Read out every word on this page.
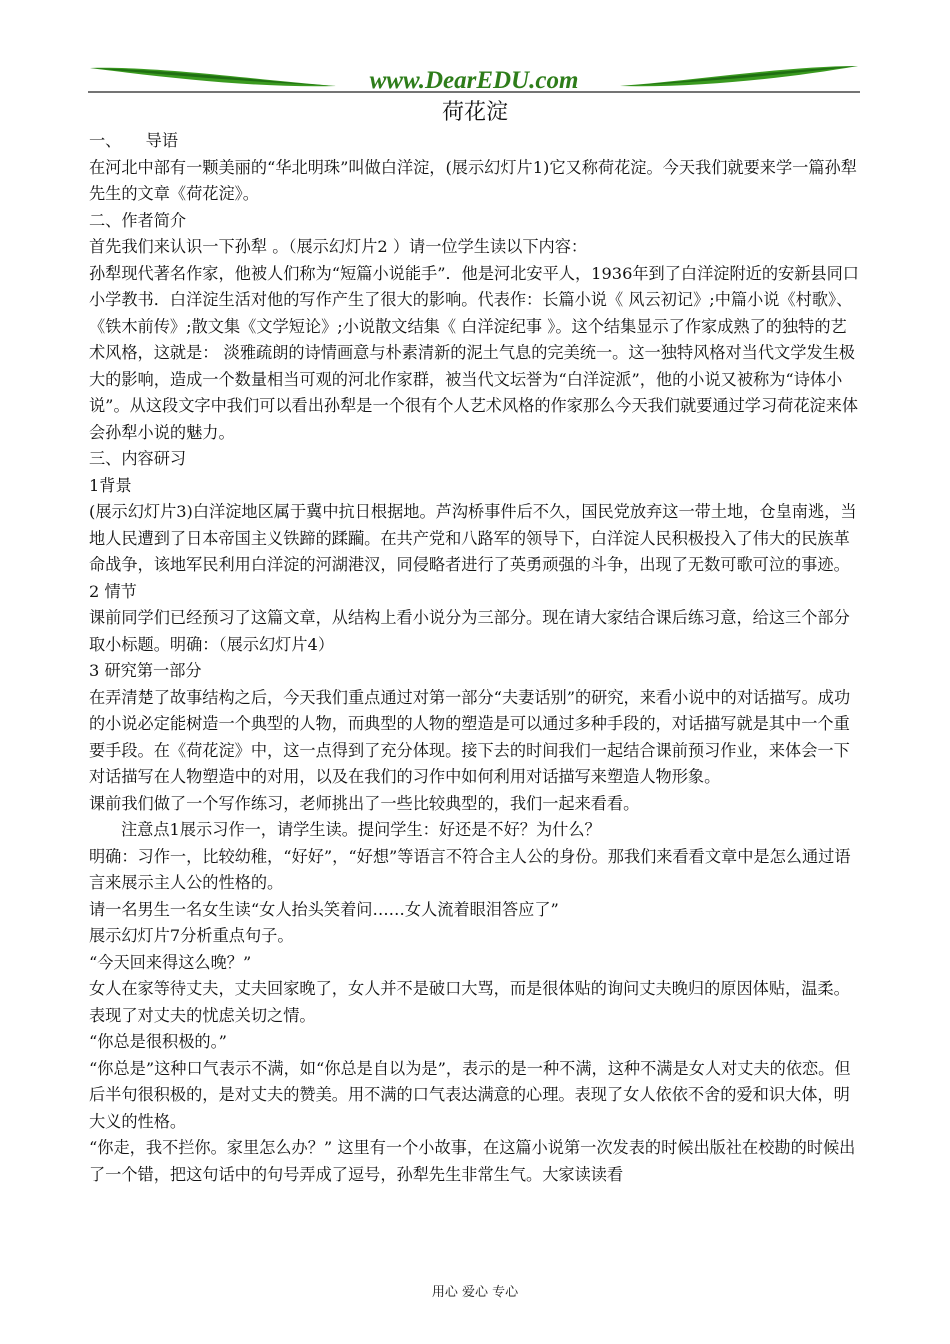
www.DearEDU.com
荷花淀

一、　　导语

在河北中部有一颗美丽的“华北明珠”叫做白洋淀，(展示幻灯片1)它又称荷花淀。今天我们就要来学一篇孙犁先生的文章《荷花淀》。

二、作者简介

首先我们来认识一下孙犁 。（展示幻灯片2 ）请一位学生读以下内容：

孙犁现代著名作家，他被人们称为“短篇小说能手”．他是河北安平人，1936年到了白洋淀附近的安新县同口小学教书．白洋淀生活对他的写作产生了很大的影响。代表作：长篇小说《 风云初记》;中篇小说《村歌》、《铁木前传》;散文集《文学短论》;小说散文结集《 白洋淀纪事 》。这个结集显示了作家成熟了的独特的艺术风格，这就是： 淡雅疏朗的诗情画意与朴素清新的泥土气息的完美统一。这一独特风格对当代文学发生极大的影响，造成一个数量相当可观的河北作家群，被当代文坛誉为“白洋淀派”，他的小说又被称为“诗体小说”。从这段文字中我们可以看出孙犁是一个很有个人艺术风格的作家那么今天我们就要通过学习荷花淀来体会孙犁小说的魅力。

三、内容研习

1背景

(展示幻灯片3)白洋淀地区属于冀中抗日根据地。芦沟桥事件后不久，国民党放弃这一带土地，仓皇南逃，当地人民遭到了日本帝国主义铁蹄的蹂躏。在共产党和八路军的领导下，白洋淀人民积极投入了伟大的民族革命战争，该地军民利用白洋淀的河湖港汊，同侵略者进行了英勇顽强的斗争，出现了无数可歌可泣的事迹。

2 情节

课前同学们已经预习了这篇文章，从结构上看小说分为三部分。现在请大家结合课后练习意，给这三个部分取小标题。明确：（展示幻灯片4）

3 研究第一部分

在弄清楚了故事结构之后，今天我们重点通过对第一部分“夫妻话别”的研究，来看小说中的对话描写。成功的小说必定能树造一个典型的人物，而典型的人物的塑造是可以通过多种手段的，对话描写就是其中一个重要手段。在《荷花淀》中，这一点得到了充分体现。接下去的时间我们一起结合课前预习作业，来体会一下对话描写在人物塑造中的对用，以及在我们的习作中如何利用对话描写来塑造人物形象。

课前我们做了一个写作练习，老师挑出了一些比较典型的，我们一起来看看。

注意点1展示习作一，请学生读。提问学生：好还是不好？为什么？

明确：习作一，比较幼稚，“好好”，“好想”等语言不符合主人公的身份。那我们来看看文章中是怎么通过语言来展示主人公的性格的。

请一名男生一名女生读“女人抬头笑着问……女人流着眼泪答应了”

展示幻灯片7分析重点句子。

“今天回来得这么晚？”

女人在家等待丈夫，丈夫回家晚了，女人并不是破口大骂，而是很体贴的询问丈夫晚归的原因体贴，温柔。表现了对丈夫的忧虑关切之情。

“你总是很积极的。”

“你总是”这种口气表示不满，如“你总是自以为是”，表示的是一种不满，这种不满是女人对丈夫的依恋。但后半句很积极的，是对丈夫的赞美。用不满的口气表达满意的心理。表现了女人依依不舍的爱和识大体，明大义的性格。

“你走，我不拦你。家里怎么办？” 这里有一个小故事，在这篇小说第一次发表的时候出版社在校勘的时候出了一个错，把这句话中的句号弄成了逗号，孙犁先生非常生气。大家读读看

用心 爱心 专心
